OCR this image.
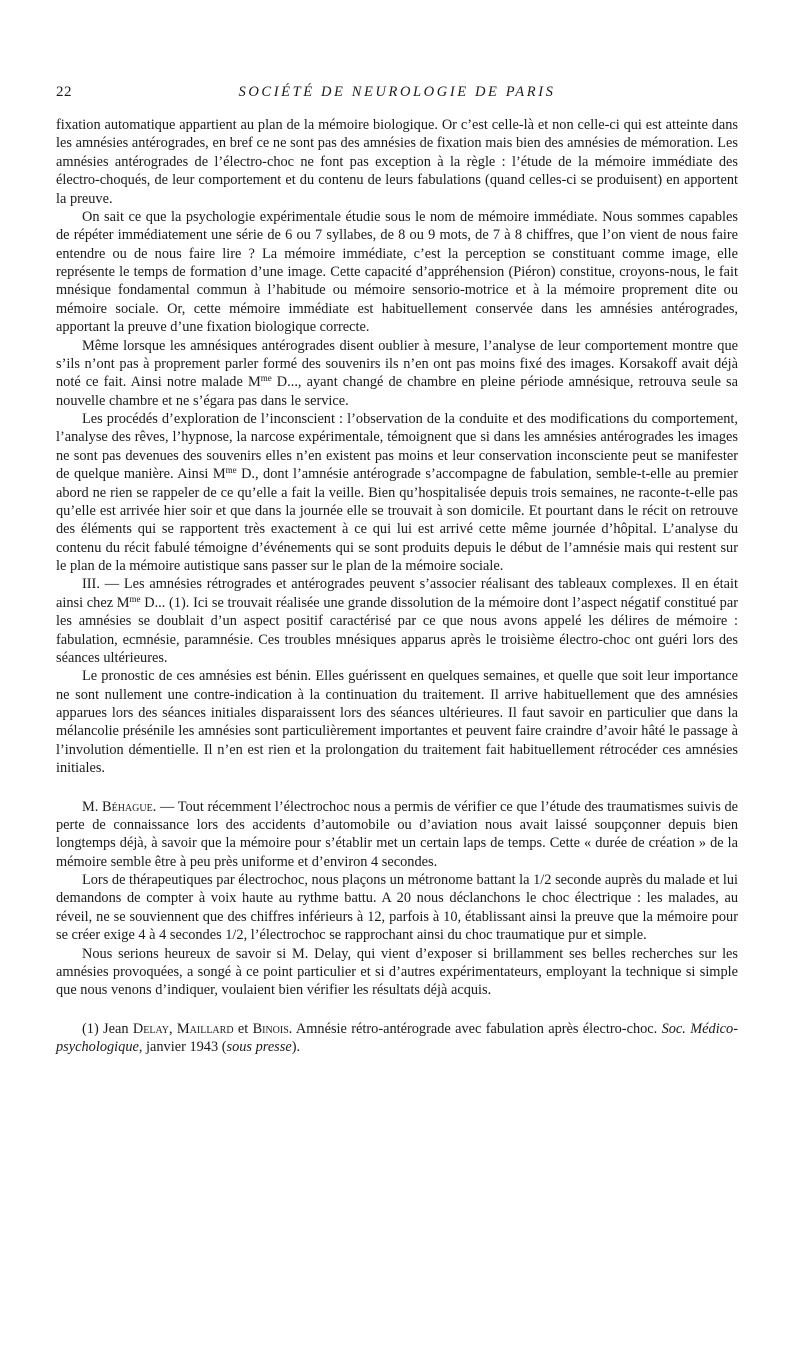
22	SOCIÉTÉ DE NEUROLOGIE DE PARIS

fixation automatique appartient au plan de la mémoire biologique. Or c’est celle-là et non celle-ci qui est atteinte dans les amnésies antérogrades, en bref ce ne sont pas des amnésies de fixation mais bien des amnésies de mémoration. Les amnésies antérogrades de l’électro-choc ne font pas exception à la règle : l’étude de la mémoire immédiate des électro-choqués, de leur comportement et du contenu de leurs fabulations (quand celles-ci se produisent) en apportent la preuve.

On sait ce que la psychologie expérimentale étudie sous le nom de mémoire immédiate. Nous sommes capables de répéter immédiatement une série de 6 ou 7 syllabes, de 8 ou 9 mots, de 7 à 8 chiffres, que l’on vient de nous faire entendre ou de nous faire lire ? La mémoire immédiate, c’est la perception se constituant comme image, elle représente le temps de formation d’une image. Cette capacité d’appréhension (Piéron) constitue, croyons-nous, le fait mnésique fondamental commun à l’habitude ou mémoire sensorio-motrice et à la mémoire proprement dite ou mémoire sociale. Or, cette mémoire immédiate est habituellement conservée dans les amnésies antérogrades, apportant la preuve d’une fixation biologique correcte.

Même lorsque les amnésiques antérogrades disent oublier à mesure, l’analyse de leur comportement montre que s’ils n’ont pas à proprement parler formé des souvenirs ils n’en ont pas moins fixé des images. Korsakoff avait déjà noté ce fait. Ainsi notre malade $M^{me}$ D..., ayant changé de chambre en pleine période amnésique, retrouva seule sa nouvelle chambre et ne s’égara pas dans le service.

Les procédés d’exploration de l’inconscient : l’observation de la conduite et des modifications du comportement, l’analyse des rêves, l’hypnose, la narcose expérimentale, témoignent que si dans les amnésies antérogrades les images ne sont pas devenues des souvenirs elles n’en existent pas moins et leur conservation inconsciente peut se manifester de quelque manière. Ainsi $M^{me}$ D., dont l’amnésie antérograde s’accompagne de fabulation, semble-t-elle au premier abord ne rien se rappeler de ce qu’elle a fait la veille. Bien qu’hospitalisée depuis trois semaines, ne raconte-t-elle pas qu’elle est arrivée hier soir et que dans la journée elle se trouvait à son domicile. Et pourtant dans le récit on retrouve des éléments qui se rapportent très exactement à ce qui lui est arrivé cette même journée d’hôpital. L’analyse du contenu du récit fabulé témoigne d’événements qui se sont produits depuis le début de l’amnésie mais qui restent sur le plan de la mémoire autistique sans passer sur le plan de la mémoire sociale.

III. — Les amnésies rétrogrades et antérogrades peuvent s’associer réalisant des tableaux complexes. Il en était ainsi chez $M^{me}$ D... (1). Ici se trouvait réalisée une grande dissolution de la mémoire dont l’aspect négatif constitué par les amnésies se doublait d’un aspect positif caractérisé par ce que nous avons appelé les délires de mémoire : fabulation, ecmnésie, paramnésie. Ces troubles mnésiques apparus après le troisième électro-choc ont guéri lors des séances ultérieures.

Le pronostic de ces amnésies est bénin. Elles guérissent en quelques semaines, et quelle que soit leur importance ne sont nullement une contre-indication à la continuation du traitement. Il arrive habituellement que des amnésies apparues lors des séances initiales disparaissent lors des séances ultérieures. Il faut savoir en particulier que dans la mélancolie présénile les amnésies sont particulièrement importantes et peuvent faire craindre d’avoir hâté le passage à l’involution démentielle. Il n’en est rien et la prolongation du traitement fait habituellement rétrocéder ces amnésies initiales.

M. Béhague. — Tout récemment l’électrochoc nous a permis de vérifier ce que l’étude des traumatismes suivis de perte de connaissance lors des accidents d’automobile ou d’aviation nous avait laissé soupçonner depuis bien longtemps déjà, à savoir que la mémoire pour s’établir met un certain laps de temps. Cette « durée de création » de la mémoire semble être à peu près uniforme et d’environ 4 secondes.

Lors de thérapeutiques par électrochoc, nous plaçons un métronome battant la 1/2 seconde auprès du malade et lui demandons de compter à voix haute au rythme battu. A 20 nous déclanchons le choc électrique : les malades, au réveil, ne se souviennent que des chiffres inférieurs à 12, parfois à 10, établissant ainsi la preuve que la mémoire pour se créer exige 4 à 4 secondes 1/2, l’électrochoc se rapprochant ainsi du choc traumatique pur et simple.

Nous serions heureux de savoir si M. Delay, qui vient d’exposer si brillamment ses belles recherches sur les amnésies provoquées, a songé à ce point particulier et si d’autres expérimentateurs, employant la technique si simple que nous venons d’indiquer, voulaient bien vérifier les résultats déjà acquis.

(1) Jean Delay, Maillard et Binois. Amnésie rétro-antérograde avec fabulation après électro-choc. Soc. Médico-psychologique, janvier 1943 (sous presse).
